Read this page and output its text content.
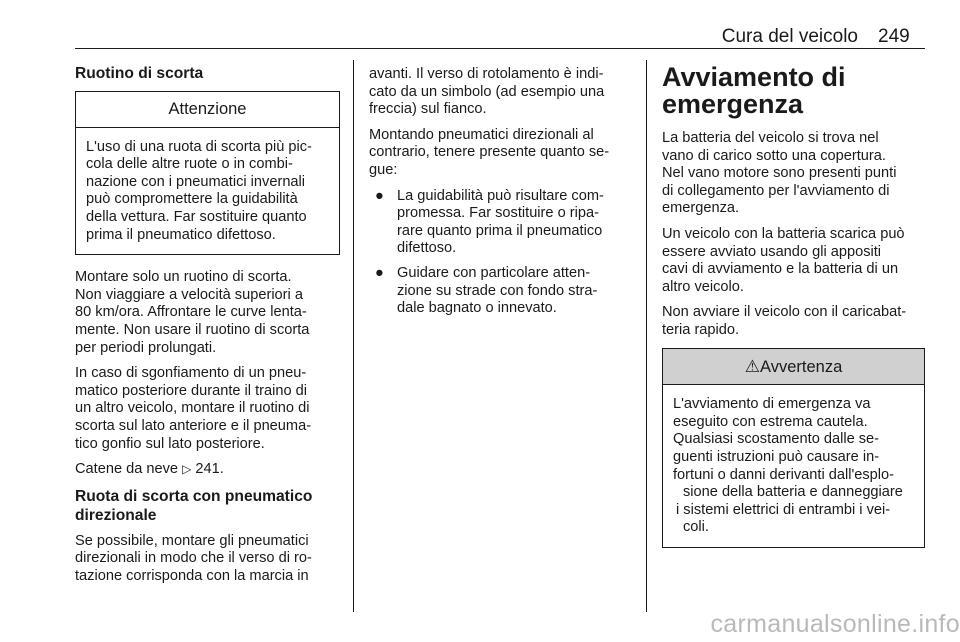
Cura del veicolo 249
Ruotino di scorta
Attenzione
L'uso di una ruota di scorta più pic-
cola delle altre ruote o in combi-
nazione con i pneumatici invernali
può compromettere la guidabilità
della vettura. Far sostituire quanto
prima il pneumatico difettoso.

Montare solo un ruotino di scorta.
Non viaggiare a velocità superiori a
80 km/ora. Affrontare le curve lenta-
mente. Non usare il ruotino di scorta
per periodi prolungati.

In caso di sgonfiamento di un pneu-
matico posteriore durante il traino di
un altro veicolo, montare il ruotino di
scorta sul lato anteriore e il pneuma-
tico gonfio sul lato posteriore.

Catene da neve ▷ 241.

Ruota di scorta con pneumatico
direzionale

Se possibile, montare gli pneumatici
direzionali in modo che il verso di ro-
tazione corrisponda con la marcia in

avanti. Il verso di rotolamento è indi-
cato da un simbolo (ad esempio una
freccia) sul fianco.

Montando pneumatici direzionali al
contrario, tenere presente quanto se-
gue:

● La guidabilità può risultare com-
promessa. Far sostituire o ripa-
rare quanto prima il pneumatico
difettoso.
● Guidare con particolare atten-
zione su strade con fondo stra-
dale bagnato o innevato.
Avviamento di
emergenza

La batteria del veicolo si trova nel
vano di carico sotto una copertura.
Nel vano motore sono presenti punti
di collegamento per l'avviamento di
emergenza.

Un veicolo con la batteria scarica può
essere avviato usando gli appositi
cavi di avviamento e la batteria di un
altro veicolo.

Non avviare il veicolo con il caricabat-
teria rapido.

⚠Avvertenza
L'avviamento di emergenza va
eseguito con estrema cautela.
Qualsiasi scostamento dalle se-
guenti istruzioni può causare in-
fortuni o danni derivanti dall'esplo-
sione della batteria e danneggiare
i sistemi elettrici di entrambi i vei-
coli.
carmanualsonline.info
